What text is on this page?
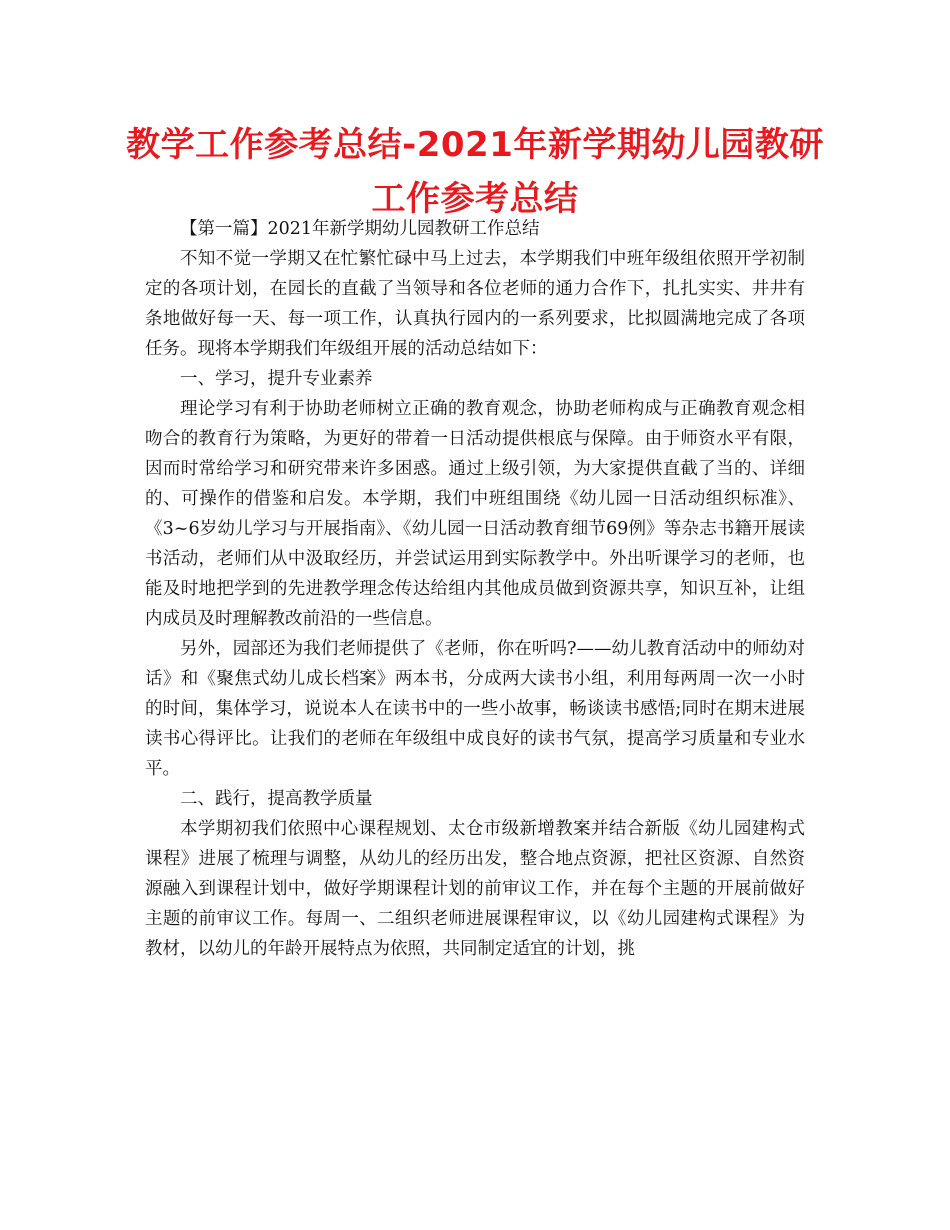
教学工作参考总结-2021年新学期幼儿园教研工作参考总结

【第一篇】2021年新学期幼儿园教研工作总结

不知不觉一学期又在忙繁忙碌中马上过去，本学期我们中班年级组依照开学初制定的各项计划，在园长的直截了当领导和各位老师的通力合作下，扎扎实实、井井有条地做好每一天、每一项工作，认真执行园内的一系列要求，比拟圆满地完成了各项任务。现将本学期我们年级组开展的活动总结如下：

一、学习，提升专业素养

理论学习有利于协助老师树立正确的教育观念，协助老师构成与正确教育观念相吻合的教育行为策略，为更好的带着一日活动提供根底与保障。由于师资水平有限，因而时常给学习和研究带来许多困惑。通过上级引领，为大家提供直截了当的、详细的、可操作的借鉴和启发。本学期，我们中班组围绕《幼儿园一日活动组织标准》、《3~6岁幼儿学习与开展指南》、《幼儿园一日活动教育细节69例》等杂志书籍开展读书活动，老师们从中汲取经历，并尝试运用到实际教学中。外出听课学习的老师，也能及时地把学到的先进教学理念传达给组内其他成员做到资源共享，知识互补，让组内成员及时理解教改前沿的一些信息。

另外，园部还为我们老师提供了《老师，你在听吗?——幼儿教育活动中的师幼对话》和《聚焦式幼儿成长档案》两本书，分成两大读书小组，利用每两周一次一小时的时间，集体学习，说说本人在读书中的一些小故事，畅谈读书感悟;同时在期末进展读书心得评比。让我们的老师在年级组中成良好的读书气氛，提高学习质量和专业水平。

二、践行，提高教学质量

本学期初我们依照中心课程规划、太仓市级新增教案并结合新版《幼儿园建构式课程》进展了梳理与调整，从幼儿的经历出发，整合地点资源，把社区资源、自然资源融入到课程计划中，做好学期课程计划的前审议工作，并在每个主题的开展前做好主题的前审议工作。每周一、二组织老师进展课程审议，以《幼儿园建构式课程》为教材，以幼儿的年龄开展特点为依照，共同制定适宜的计划，挑
